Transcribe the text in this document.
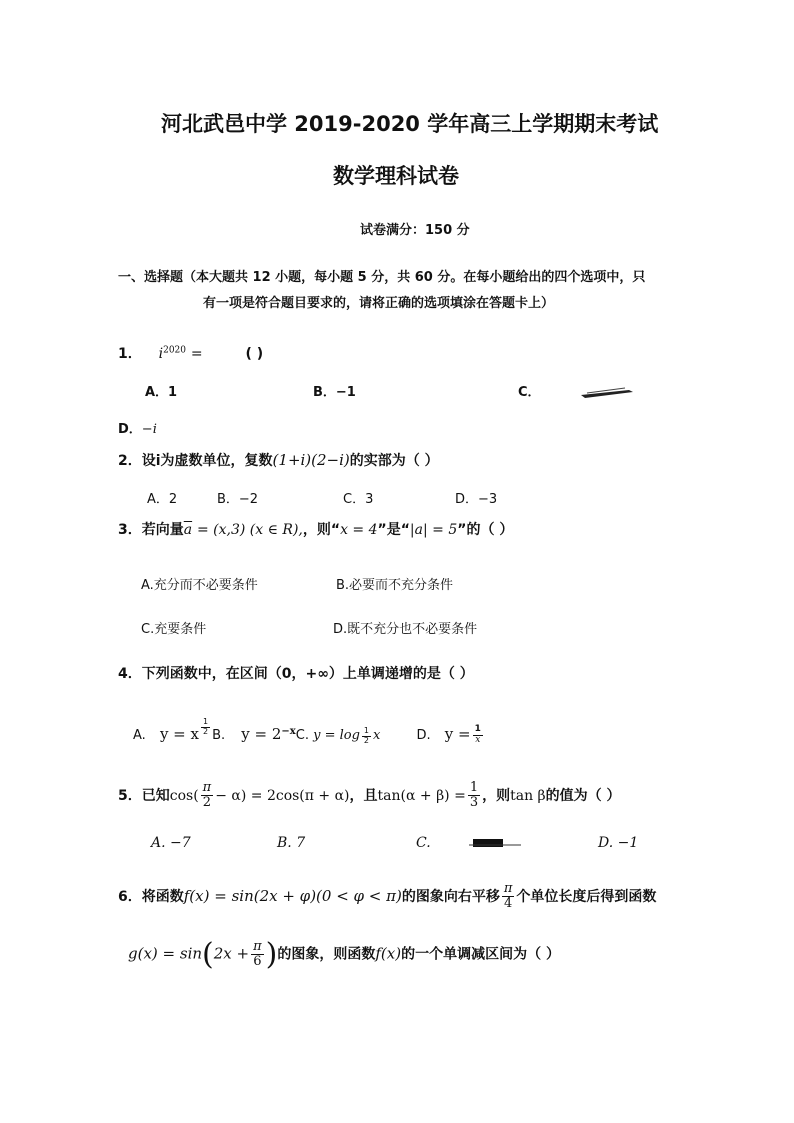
河北武邑中学 2019-2020 学年高三上学期期末考试
数学理科试卷
试卷满分：150 分
一、选择题（本大题共 12 小题，每小题 5 分，共 60 分。在每小题给出的四个选项中，只
有一项是符合题目要求的，请将正确的选项填涂在答题卡上）
1． $i^{2020}$ =	( )
A．1	B．−1	C．
D．−i
2．设i为虚数单位，复数(1+i)(2−i)的实部为（ ）
A．2	B．−2	C．3	D．−3
3．若向量$\overline{a} = (x,3)$ (x ∈ R),，则“x = 4”是“|a| = 5”的（ ）
A.充分而不必要条件	B.必要而不充分条件
C.充要条件	D.既不充分也不必要条件
4．下列函数中，在区间（0，+∞）上单调递增的是（ ）
A. y = x $\frac{1}{2} B$. $y = 2^{-x}C$. $y = \log \frac{1}{2}$ x	D. $y = \frac{1}{x}$
5．已知$\cos( \frac{\pi}{2} - \alpha) = 2\cos(\pi + \alpha)$，且$\tan(\alpha + \beta) = \frac{1}{3}$ ，则tan β的值为（ ）
A. −7	B. 7	C.	D. −1
6．将函数f(x) = sin(2x + φ)(0 < φ < π)的图象向右平移 $\frac{\pi}{4}$ 个单位长度后得到函数
$g(x) = \sin(2x + \frac{\pi}{6}$ )的图象，则函数f(x)的一个单调减区间为（ ）
